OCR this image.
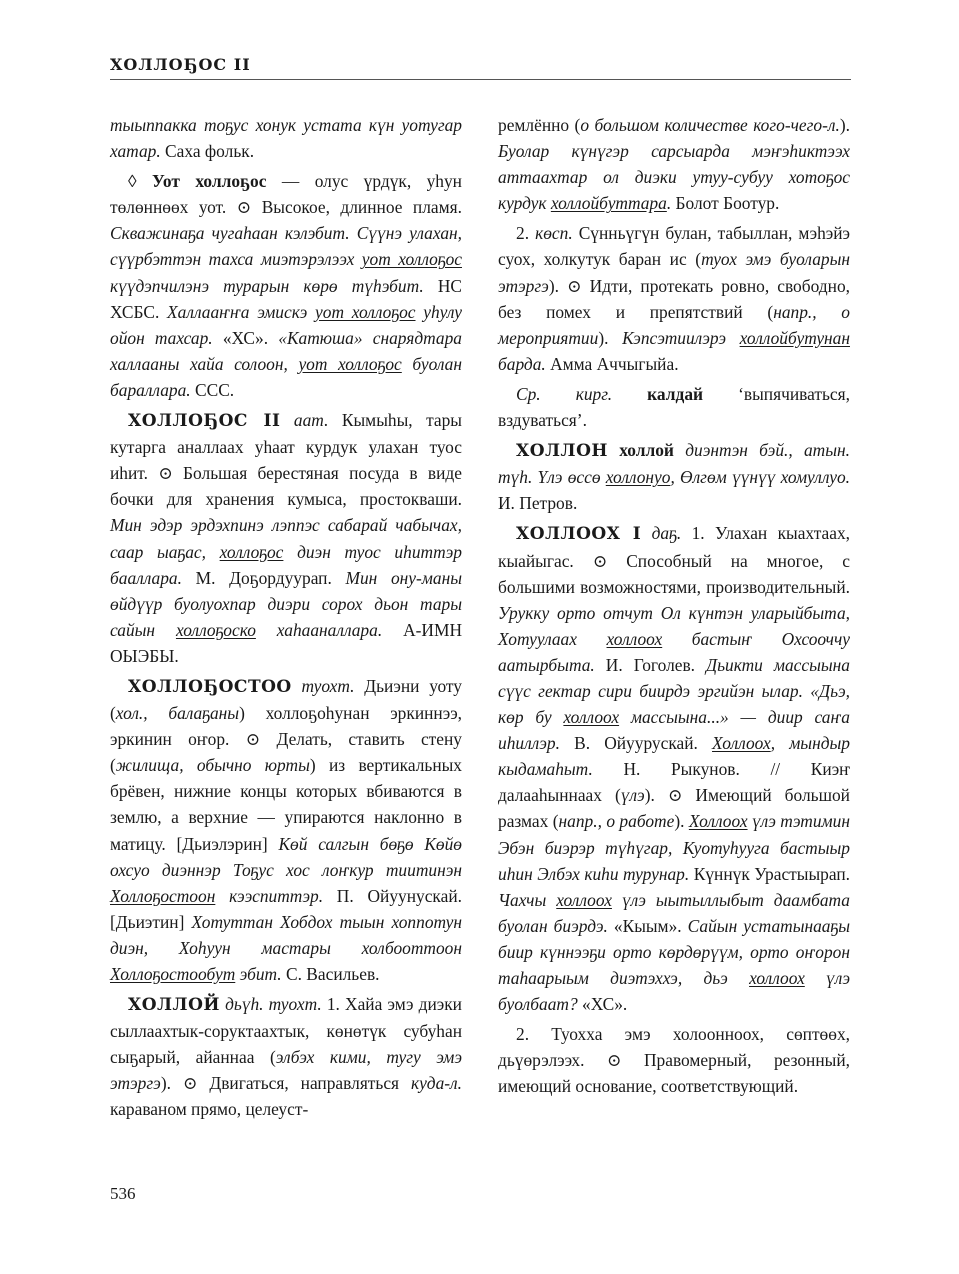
ХОЛЛОҔОС II

тыыппакка тоҕус хонук устата күн уотугар хатар. Саха фольк.

◊ Уот холлоҕос — олус үрдүк, уһун төлөннөөх уот. ⊙ Высокое, длинное пламя. Скважинаҕа чугаһаан кэлэбит. Сүүнэ улахан, сүүрбэттэн тахса миэтэрэлээх уот холлоҕос күүдэпчилэнэ турарын көрө түһэбит. НС ХСБС. Халлааҥҥа эмискэ уот холлоҕос уһулу ойон тахсар. «ХС». «Катюша» снарядтара халлааны хайа солоон, уот холлоҕос буолан бараллара. ССС.

ХОЛЛОҔОС II аат. Кымыһы, тары кутарга аналлаах уһаат курдук улахан туос иһит. ⊙ Большая берестяная посуда в виде бочки для хранения кумыса, простокваши. Мин эдэр эрдэхпинэ лэппэс сабарай чабычах, саар ыаҕас, холлоҕос диэн туос иһиттэр бааллара. М. Доҕордуурап. Мин ону-маны өйдүүр буолуохпар диэри сорох дьон тары сайын холлоҕоско хаһааналлара. А-ИМН ОЫЭБЫ.

ХОЛЛОҔОСТОО туохт. Дьиэни уоту (хол., балаҕаны) холлоҕоһунан эркиннээ, эркинин оҥор. ⊙ Делать, ставить стену (жилища, обычно юрты) из вертикальных брёвен, нижние концы которых вбиваются в землю, а верхние — упираются наклонно в матицу. [Дьиэлэрин] Көй салгын бөҕө Көйө охсуо диэннэр Тоҕус хос лоҥкур тиитинэн Холлоҕостоон кээспиттэр. П. Ойуунускай. [Дьиэтин] Хотуттан Хобдох тыын хоппотун диэн, Хоһуун мастары холбооттоон Холлоҕостообут эбит. С. Васильев.

ХОЛЛОЙ дьүһ. туохт. 1. Хайа эмэ диэки сыллаахтык-соруктаахтык, көнөтүк субуһан сыҕарый, айаннаа (элбэх кими, тугу эмэ этэргэ). ⊙ Двигаться, направляться куда-л. караваном прямо, целеуст-

ремлённо (о большом количестве кого-чего-л.). Буолар күнүгэр сарсыарда мэҥэһиктээх аттаахтар ол диэки утуу-субуу хотоҕос курдук холлойбуттара. Болот Боотур.

2. көсп. Сүнньүгүн булан, табыллан, мэһэйэ суох, холкутук баран ис (туох эмэ буоларын этэргэ). ⊙ Идти, протекать ровно, свободно, без помех и препятствий (напр., о мероприятии). Кэпсэтиилэрэ холлойбутунан барда. Амма Аччыгыйа.

Ср. кирг. калдай ‘выпячиваться, вздуваться’.

ХОЛЛОН холлой диэнтэн бэй., атын. түһ. Үлэ өссө холлонуо, Өлгөм үүнүү хомуллуо. И. Петров.

ХОЛЛООХ I даҕ. 1. Улахан кыахтаах, кыайыгас. ⊙ Способный на многое, с большими возможностями, производительный. Урукку орто отчут Ол күнтэн уларыйбыта, Хотуулаах холлоох бастыҥ Охсооччу аатырбыта. И. Гоголев. Дьикти массыына сүүс гектар сири биирдэ эргийэн ылар. «Дьэ, көр бу холлоох массыына...» — диир саҥа иһиллэр. В. Ойуурускай. Холлоох, мындыр кыдамаһыт. Н. Рыкунов. // Киэҥ далааһыннаах (үлэ). ⊙ Имеющий большой размах (напр., о работе). Холлоох үлэ тэтимин Эбэн биэрэр түһүгар, Куотуһууга бастыыр иһин Элбэх киһи турунар. Күннүк Урастыырап. Чахчы холлоох үлэ ыытыллыбыт даамбата буолан биэрдэ. «Кыым». Сайын устатынааҕы биир күннээҕи орто көрдөрүүм, орто оҥорон таһаарыым диэтэххэ, дьэ холлоох үлэ буолбаат? «ХС».

2. Туохха эмэ холоонноох, сөптөөх, дьүөрэлээх. ⊙ Правомерный, резонный, имеющий основание, соответствующий.

536
